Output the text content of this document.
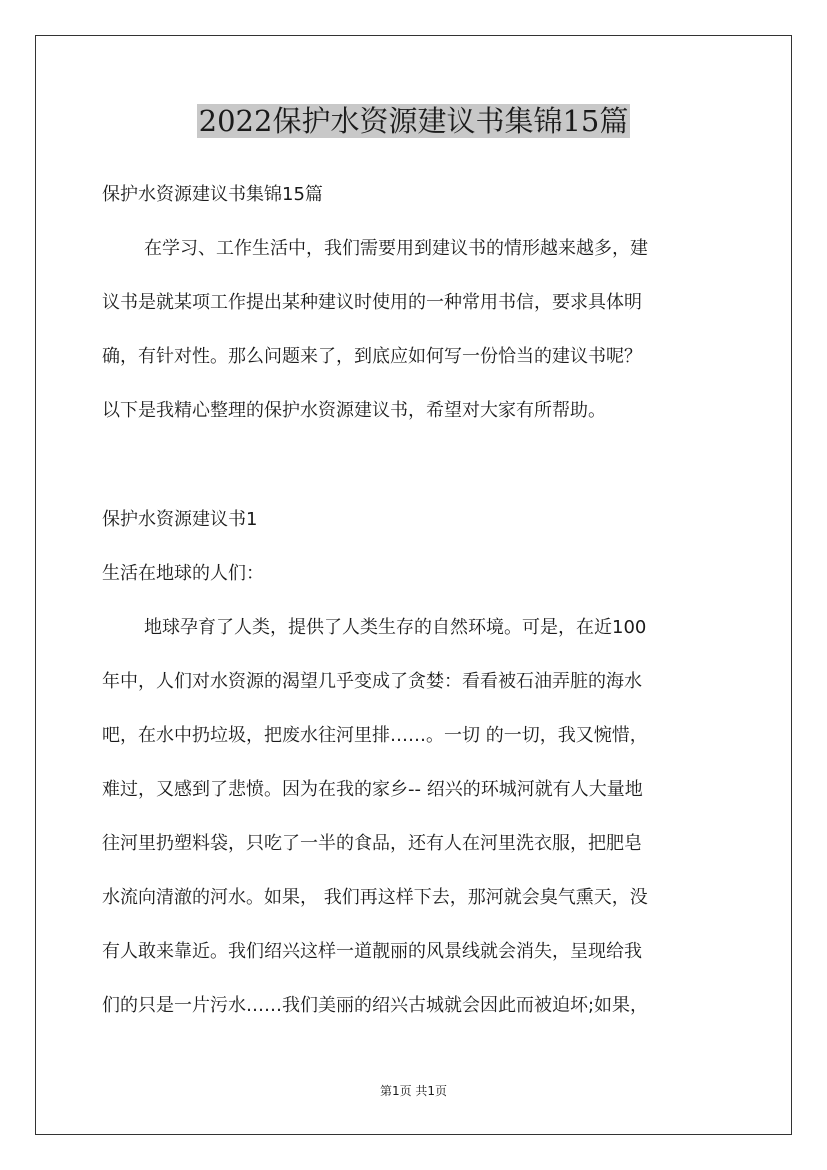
2022保护水资源建议书集锦15篇
保护水资源建议书集锦15篇
在学习、工作生活中，我们需要用到建议书的情形越来越多，建
议书是就某项工作提出某种建议时使用的一种常用书信，要求具体明
确，有针对性。那么问题来了，到底应如何写一份恰当的建议书呢？
以下是我精心整理的保护水资源建议书，希望对大家有所帮助。
保护水资源建议书1
生活在地球的人们：
地球孕育了人类，提供了人类生存的自然环境。可是，在近100
年中，人们对水资源的渴望几乎变成了贪婪：看看被石油弄脏的海水
吧，在水中扔垃圾，把废水往河里排……。一切 的一切，我又惋惜，
难过，又感到了悲愤。因为在我的家乡-- 绍兴的环城河就有人大量地
往河里扔塑料袋，只吃了一半的食品，还有人在河里洗衣服，把肥皂
水流向清澈的河水。如果， 我们再这样下去，那河就会臭气熏天，没
有人敢来靠近。我们绍兴这样一道靓丽的风景线就会消失，呈现给我
们的只是一片污水……我们美丽的绍兴古城就会因此而被迫坏;如果，
第1页 共1页
